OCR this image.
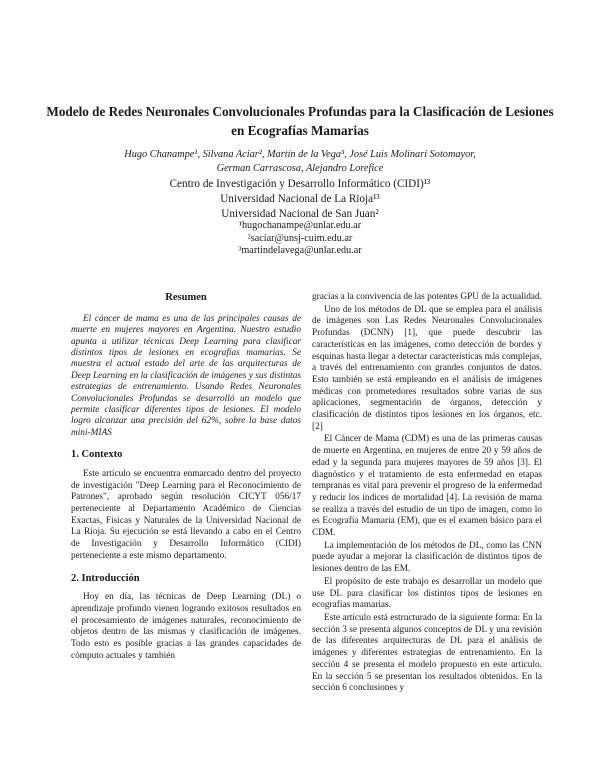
Modelo de Redes Neuronales Convolucionales Profundas para la Clasificación de Lesiones en Ecografías Mamarias
Hugo Chanampe¹, Silvana Aciar², Martín de la Vega³, José Luis Molinari Sotomayor,
German Carrascosa, Alejandro Lorefice
Centro de Investigación y Desarrollo Informático (CIDI)¹³
Universidad Nacional de La Rioja¹³
Universidad Nacional de San Juan²
¹hugochanampe@unlar.edu.ar
²saciar@unsj-cuim.edu.ar
³martindelavega@unlar.edu.ar
Resumen

El cáncer de mama es una de las principales causas de muerte en mujeres mayores en Argentina. Nuestro estudio apunta a utilizar técnicas Deep Learning para clasificar distintos tipos de lesiones en ecografías mamarias. Se muestra el actual estado del arte de las arquitecturas de Deep Learning en la clasificación de imágenes y sus distintas estrategias de entrenamiento. Usando Redes Neuronales Convolucionales Profundas se desarrolló un modelo que permite clasificar diferentes tipos de lesiones. El modelo logro alcanzar una precisión del 62%, sobre la base datos mini-MIAS

1. Contexto

Este artículo se encuentra enmarcado dentro del proyecto de investigación "Deep Learning para el Reconocimiento de Patrones", aprobado según resolución CICYT 056/17 perteneciente al Departamento Académico de Ciencias Exactas, Físicas y Naturales de la Universidad Nacional de La Rioja. Su ejecución se está llevando a cabo en el Centro de Investigación y Desarrollo Informático (CIDI) perteneciente a este mismo departamento.

2. Introducción

Hoy en día, las técnicas de Deep Learning (DL) o aprendizaje profundo vienen logrando exitosos resultados en el procesamiento de imágenes naturales, reconocimiento de objetos dentro de las mismas y clasificación de imágenes. Todo esto es posible gracias a las grandes capacidades de cómputo actuales y también

gracias a la convivencia de las potentes GPU de la actualidad.

Uno de los métodos de DL que se emplea para el análisis de imágenes son Las Redes Neuronales Convolucionales Profundas (DCNN) [1], que puede descubrir las características en las imágenes, como detección de bordes y esquinas hasta llegar a detectar características más complejas, a través del entrenamiento con grandes conjuntos de datos. Esto también se está empleando en el análisis de imágenes médicas con prometedores resultados sobre varias de sus aplicaciones, segmentación de órganos, detección y clasificación de distintos tipos lesiones en los órganos, etc. [2]

El Cáncer de Mama (CDM) es una de las primeras causas de muerte en Argentina, en mujeres de entre 20 y 59 años de edad y la segunda para mujeres mayores de 59 años [3]. El diagnóstico y el tratamiento de esta enfermedad en etapas tempranas es vital para prevenir el progreso de la enfermedad y reducir los índices de mortalidad [4]. La revisión de mama se realiza a través del estudio de un tipo de imagen, como lo es Ecografía Mamaria (EM), que es el examen básico para el CDM.

La implementación de los métodos de DL, como las CNN puede ayudar a mejorar la clasificación de distintos tipos de lesiones dentro de las EM.

El propósito de este trabajo es desarrollar un modelo que use DL para clasificar los distintos tipos de lesiones en ecografías mamarias.

Este artículo está estructurado de la siguiente forma: En la sección 3 se presenta algunos conceptos de DL y una revisión de las diferentes arquitecturas de DL para el análisis de imágenes y diferentes estrategias de entrenamiento. En la sección 4 se presenta el modelo propuesto en este artículo. En la sección 5 se presentan los resultados obtenidos. En la sección 6 conclusiones y
